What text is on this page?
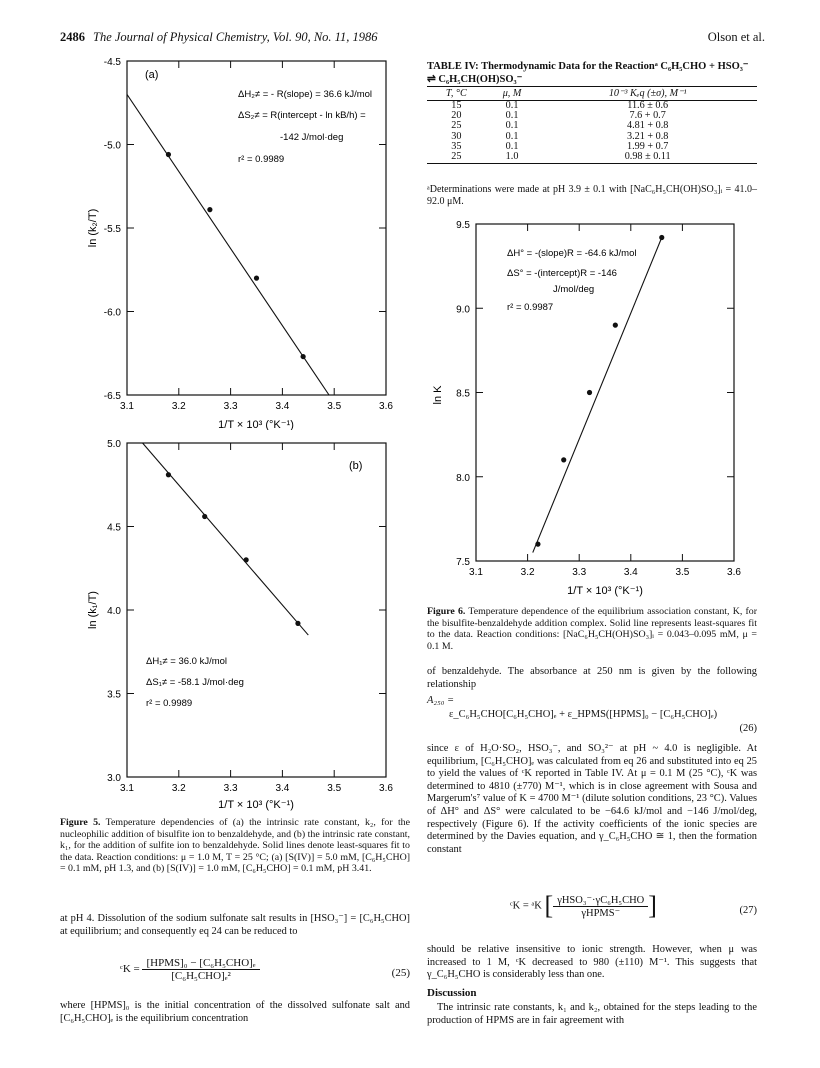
2486 The Journal of Physical Chemistry, Vol. 90, No. 11, 1986	Olson et al.
3.1	3.2	3.3	3.4	3.5	3.6
-4.5
-5.0
-5.5
-6.0
-6.5
(a)
ΔH₂≠ = - R(slope) = 36.6 kJ/mol
ΔS₂≠ = R(intercept - ln kB/h) =
-142 J/mol·deg
r² = 0.9989
ln (k₂/T)
1/T × 10³ (°K⁻¹)
3.1	3.2	3.3	3.4	3.5	3.6
5.0
4.5
4.0
3.5
3.0
(b)
ΔH₁≠ = 36.0 kJ/mol
ΔS₁≠ = -58.1 J/mol·deg
r² = 0.9989
ln (k₁/T)
1/T × 10³ (°K⁻¹)
Figure 5. Temperature dependencies of (a) the intrinsic rate constant, k₂, for the nucleophilic addition of bisulfite ion to benzaldehyde, and (b) the intrinsic rate constant, k₁, for the addition of sulfite ion to benzaldehyde. Solid lines denote least-squares fit to the data. Reaction conditions: μ = 1.0 M, T = 25 °C; (a) [S(IV)] = 5.0 mM, [C₆H₅CHO] = 0.1 mM, pH 1.3, and (b) [S(IV)] = 1.0 mM, [C₆H₅CHO] = 0.1 mM, pH 3.41.
at pH 4. Dissolution of the sodium sulfonate salt results in [HSO₃⁻] = [C₆H₅CHO] at equilibrium; and consequently eq 24 can be reduced to
ᶜK = $\frac{\text{[HPMS]₀ − [C₆H₅CHO]ₑ}}{\text{[C₆H₅CHO]ₑ²}}$	(25)
where [HPMS]₀ is the initial concentration of the dissolved sulfonate salt and [C₆H₅CHO]ₑ is the equilibrium concentration
TABLE IV: Thermodynamic Data for the Reactionᵃ C₆H₅CHO + HSO₃⁻ ⇌ C₆H₅CH(OH)SO₃⁻
T, °C	μ, M	10⁻³ Kₑq (±σ), M⁻¹
15	0.1	11.6 ± 0.6
20	0.1	7.6 + 0.7
25	0.1	4.81 + 0.8
30	0.1	3.21 + 0.8
35	0.1	1.99 + 0.7
25	1.0	0.98 ± 0.11
ᵃDeterminations were made at pH 3.9 ± 0.1 with [NaC₆H₅CH(OH)SO₃]ᵢ = 41.0–92.0 μM.
3.1	3.2	3.3	3.4	3.5	3.6
9.5
9.0
8.5
8.0
7.5
ΔH° = -(slope)R = -64.6 kJ/mol
ΔS° = -(intercept)R = -146
J/mol/deg
r² = 0.9987
ln K
1/T × 10³ (°K⁻¹)
Figure 6. Temperature dependence of the equilibrium association constant, K, for the bisulfite-benzaldehyde addition complex. Solid line represents least-squares fit to the data. Reaction conditions: [NaC₆H₅CH(OH)SO₃]ᵢ = 0.043–0.095 mM, μ = 0.1 M.
of benzaldehyde. The absorbance at 250 nm is given by the following relationship
A₂₅₀ =
ε_C₆H₅CHO[C₆H₅CHO]ₑ + ε_HPMS([HPMS]₀ − [C₆H₅CHO]ₑ)
(26)
since ε of H₂O·SO₂, HSO₃⁻, and SO₃²⁻ at pH ~ 4.0 is negligible. At equilibrium, [C₆H₅CHO]ₑ was calculated from eq 26 and substituted into eq 25 to yield the values of ᶜK reported in Table IV. At μ = 0.1 M (25 °C), ᶜK was determined to 4810 (±770) M⁻¹, which is in close agreement with Sousa and Margerum's⁷ value of K = 4700 M⁻¹ (dilute solution conditions, 23 °C). Values of ΔH° and ΔS° were calculated to be −64.6 kJ/mol and −146 J/mol/deg, respectively (Figure 6). If the activity coefficients of the ionic species are determined by the Davies equation, and γ_C₆H₅CHO ≅ 1, then the formation constant
ᶜK = ᵃK [ $\frac{\text{γHSO₃⁻·γC₆H₅CHO}}{\text{γHPMS⁻}}$ ]	(27)
should be relative insensitive to ionic strength. However, when μ was increased to 1 M, ᶜK decreased to 980 (±110) M⁻¹. This suggests that γ_C₆H₅CHO is considerably less than one.
Discussion
The intrinsic rate constants, k₁ and k₂, obtained for the steps leading to the production of HPMS are in fair agreement with
